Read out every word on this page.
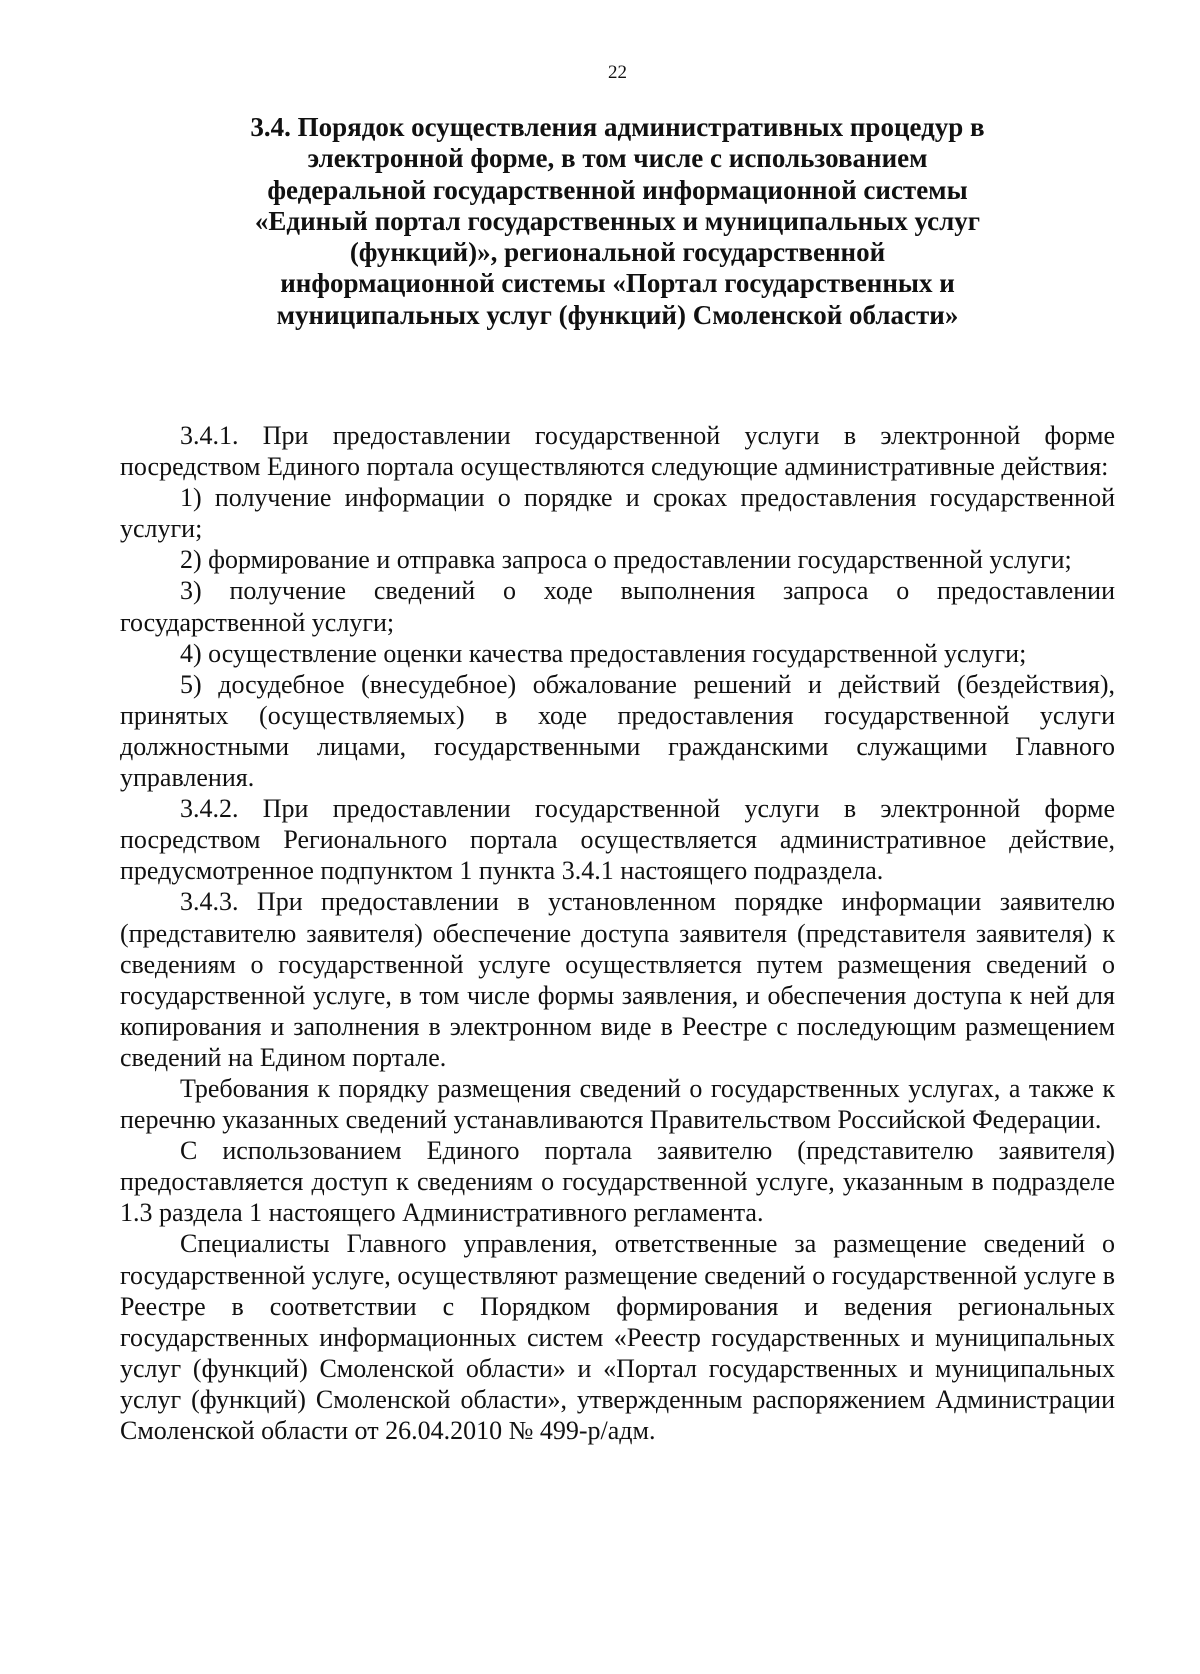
22
3.4. Порядок осуществления административных процедур в электронной форме, в том числе с использованием федеральной государственной информационной системы «Единый портал государственных и муниципальных услуг (функций)», региональной государственной информационной системы «Портал государственных и муниципальных услуг (функций) Смоленской области»

3.4.1. При предоставлении государственной услуги в электронной форме посредством Единого портала осуществляются следующие административные действия:

1) получение информации о порядке и сроках предоставления государственной услуги;

2) формирование и отправка запроса о предоставлении государственной услуги;

3) получение сведений о ходе выполнения запроса о предоставлении государственной услуги;

4) осуществление оценки качества предоставления государственной услуги;

5) досудебное (внесудебное) обжалование решений и действий (бездействия), принятых (осуществляемых) в ходе предоставления государственной услуги должностными лицами, государственными гражданскими служащими Главного управления.

3.4.2. При предоставлении государственной услуги в электронной форме посредством Регионального портала осуществляется административное действие, предусмотренное подпунктом 1 пункта 3.4.1 настоящего подраздела.

3.4.3. При предоставлении в установленном порядке информации заявителю (представителю заявителя) обеспечение доступа заявителя (представителя заявителя) к сведениям о государственной услуге осуществляется путем размещения сведений о государственной услуге, в том числе формы заявления, и обеспечения доступа к ней для копирования и заполнения в электронном виде в Реестре с последующим размещением сведений на Едином портале.

Требования к порядку размещения сведений о государственных услугах, а также к перечню указанных сведений устанавливаются Правительством Российской Федерации.

С использованием Единого портала заявителю (представителю заявителя) предоставляется доступ к сведениям о государственной услуге, указанным в подразделе 1.3 раздела 1 настоящего Административного регламента.

Специалисты Главного управления, ответственные за размещение сведений о государственной услуге, осуществляют размещение сведений о государственной услуге в Реестре в соответствии с Порядком формирования и ведения региональных государственных информационных систем «Реестр государственных и муниципальных услуг (функций) Смоленской области» и «Портал государственных и муниципальных услуг (функций) Смоленской области», утвержденным распоряжением Администрации Смоленской области от 26.04.2010 № 499-р/адм.
